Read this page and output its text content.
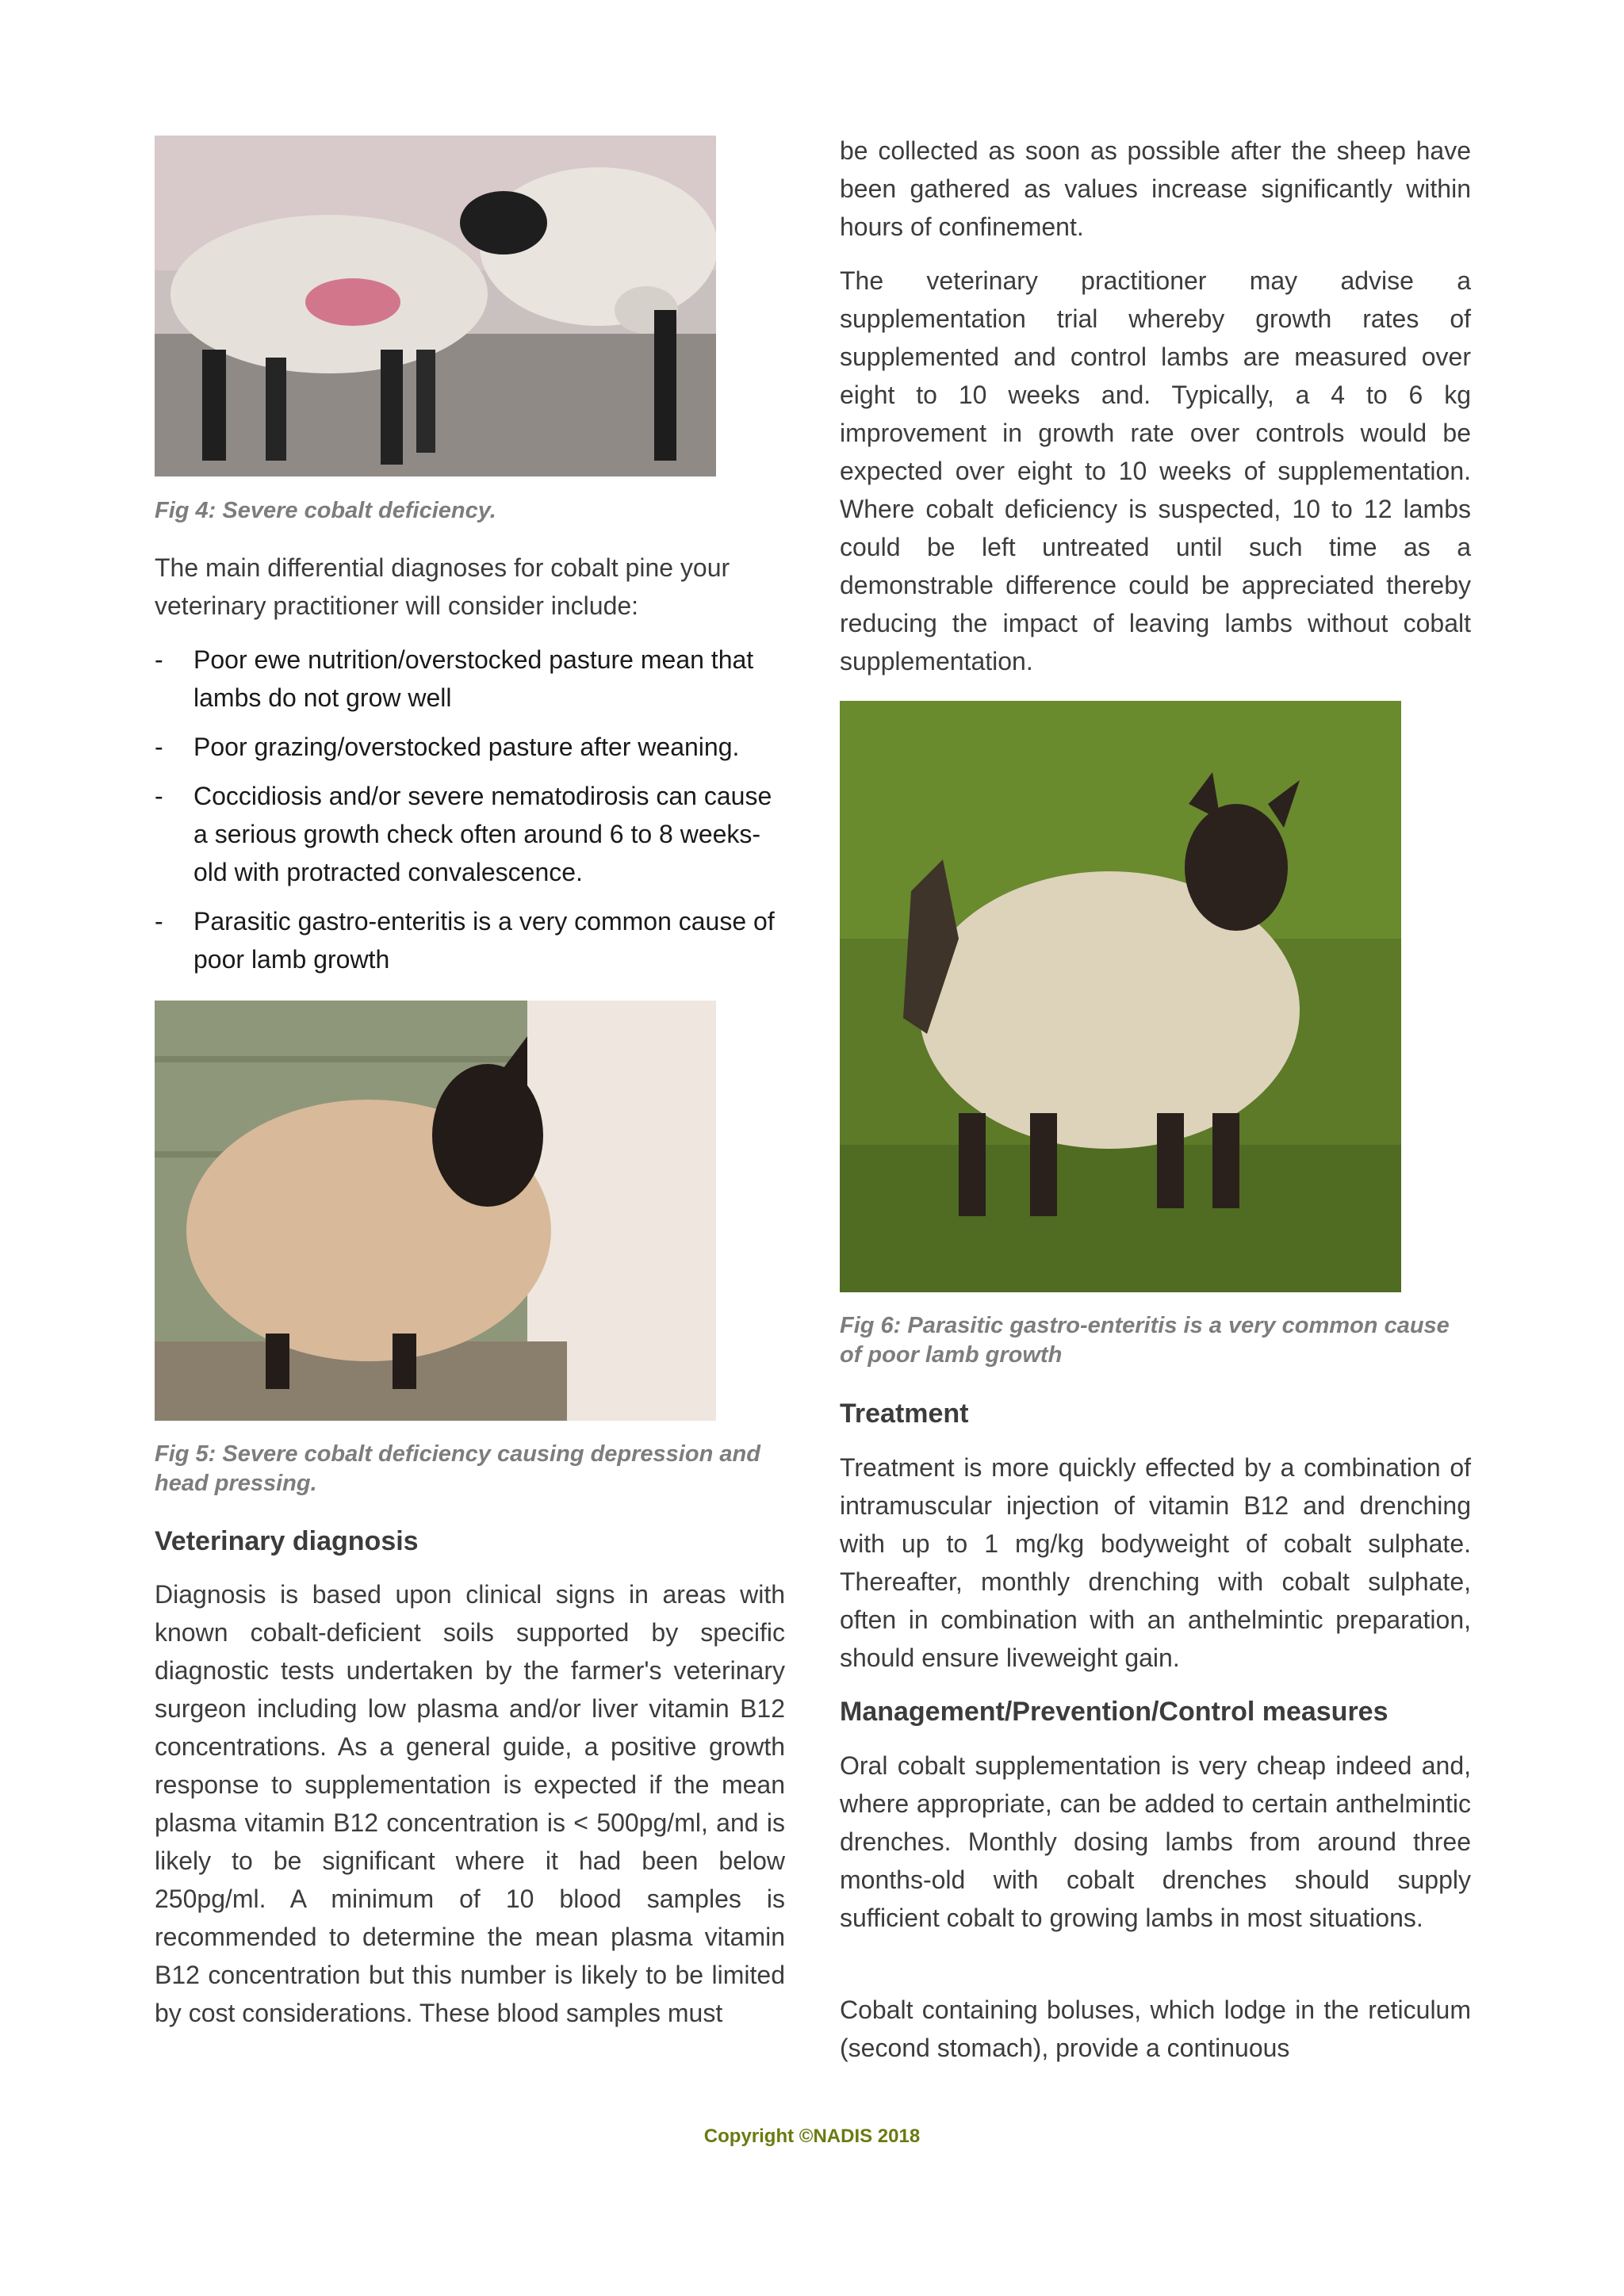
Fig 4: Severe cobalt deficiency.

The main differential diagnoses for cobalt pine your veterinary practitioner will consider include:

- Poor ewe nutrition/overstocked pasture mean that lambs do not grow well
- Poor grazing/overstocked pasture after weaning.
- Coccidiosis and/or severe nematodirosis can cause a serious growth check often around 6 to 8 weeks-old with protracted convalescence.
- Parasitic gastro-enteritis is a very common cause of poor lamb growth

Fig 5: Severe cobalt deficiency causing depression and head pressing.

Veterinary diagnosis

Diagnosis is based upon clinical signs in areas with known cobalt-deficient soils supported by specific diagnostic tests undertaken by the farmer's veterinary surgeon including low plasma and/or liver vitamin B12 concentrations. As a general guide, a positive growth response to supplementation is expected if the mean plasma vitamin B12 concentration is < 500pg/ml, and is likely to be significant where it had been below 250pg/ml. A minimum of 10 blood samples is recommended to determine the mean plasma vitamin B12 concentration but this number is likely to be limited by cost considerations. These blood samples must

be collected as soon as possible after the sheep have been gathered as values increase significantly within hours of confinement.

The veterinary practitioner may advise a supplementation trial whereby growth rates of supplemented and control lambs are measured over eight to 10 weeks and. Typically, a 4 to 6 kg improvement in growth rate over controls would be expected over eight to 10 weeks of supplementation. Where cobalt deficiency is suspected, 10 to 12 lambs could be left untreated until such time as a demonstrable difference could be appreciated thereby reducing the impact of leaving lambs without cobalt supplementation.

Fig 6: Parasitic gastro-enteritis is a very common cause of poor lamb growth

Treatment

Treatment is more quickly effected by a combination of intramuscular injection of vitamin B12 and drenching with up to 1 mg/kg bodyweight of cobalt sulphate. Thereafter, monthly drenching with cobalt sulphate, often in combination with an anthelmintic preparation, should ensure liveweight gain.

Management/Prevention/Control measures

Oral cobalt supplementation is very cheap indeed and, where appropriate, can be added to certain anthelmintic drenches. Monthly dosing lambs from around three months-old with cobalt drenches should supply sufficient cobalt to growing lambs in most situations.

Cobalt containing boluses, which lodge in the reticulum (second stomach), provide a continuous

Copyright ©NADIS 2018
